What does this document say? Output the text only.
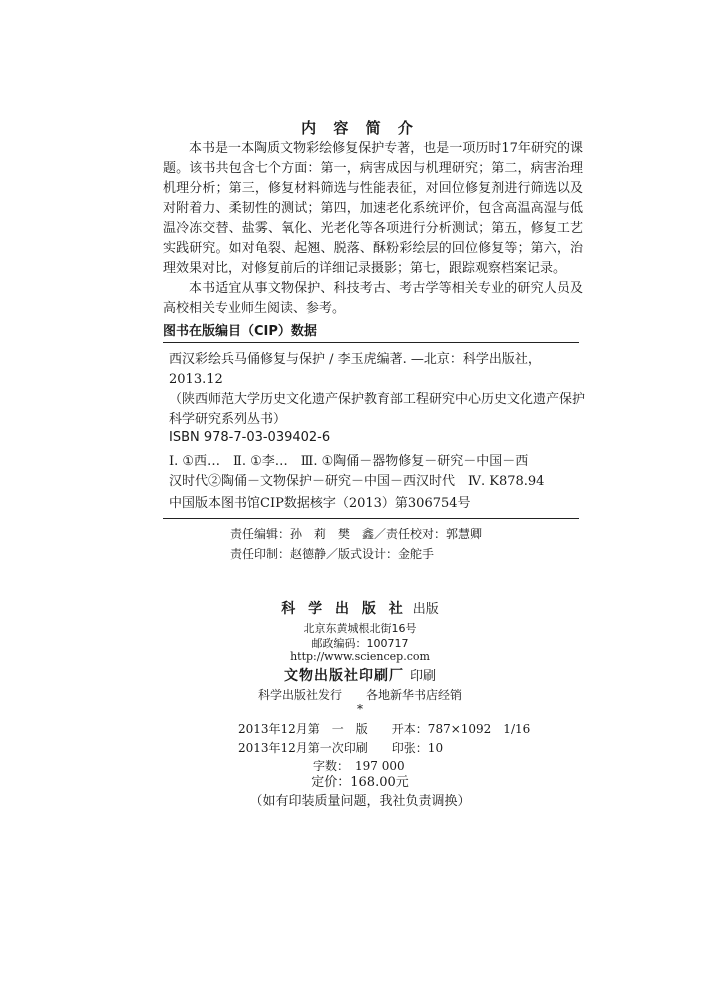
内 容 简 介

本书是一本陶质文物彩绘修复保护专著，也是一项历时17年研究的课题。该书共包含七个方面：第一，病害成因与机理研究；第二，病害治理机理分析；第三，修复材料筛选与性能表征，对回位修复剂进行筛选以及对附着力、柔韧性的测试；第四，加速老化系统评价，包含高温高湿与低温冷冻交替、盐雾、氧化、光老化等各项进行分析测试；第五，修复工艺实践研究。如对龟裂、起翘、脱落、酥粉彩绘层的回位修复等；第六，治理效果对比，对修复前后的详细记录摄影；第七，跟踪观察档案记录。

本书适宜从事文物保护、科技考古、考古学等相关专业的研究人员及高校相关专业师生阅读、参考。

图书在版编目（CIP）数据
西汉彩绘兵马俑修复与保护 / 李玉虎编著. —北京：科学出版社，
2013.12
（陕西师范大学历史文化遗产保护教育部工程研究中心历史文化遗产保护
科学研究系列丛书）
ISBN 978-7-03-039402-6
Ⅰ. ①西…　Ⅱ. ①李…　Ⅲ. ①陶俑－器物修复－研究－中国－西
汉时代②陶俑－文物保护－研究－中国－西汉时代　Ⅳ. K878.94
中国版本图书馆CIP数据核字（2013）第306754号
责任编辑：孙　莉　樊　鑫／责任校对：郭慧卿
责任印制：赵德静／版式设计：金舵手
科 学 出 版 社 出版
北京东黄城根北街16号
邮政编码：100717
http://www.sciencep.com
文物出版社印刷厂 印刷
科学出版社发行　　各地新华书店经销
*
2013年12月第　一　版　　开本：787×1092　1/16
2013年12月第一次印刷　　印张：10
字数：　197 000
定价：168.00元
（如有印装质量问题，我社负责调换）
